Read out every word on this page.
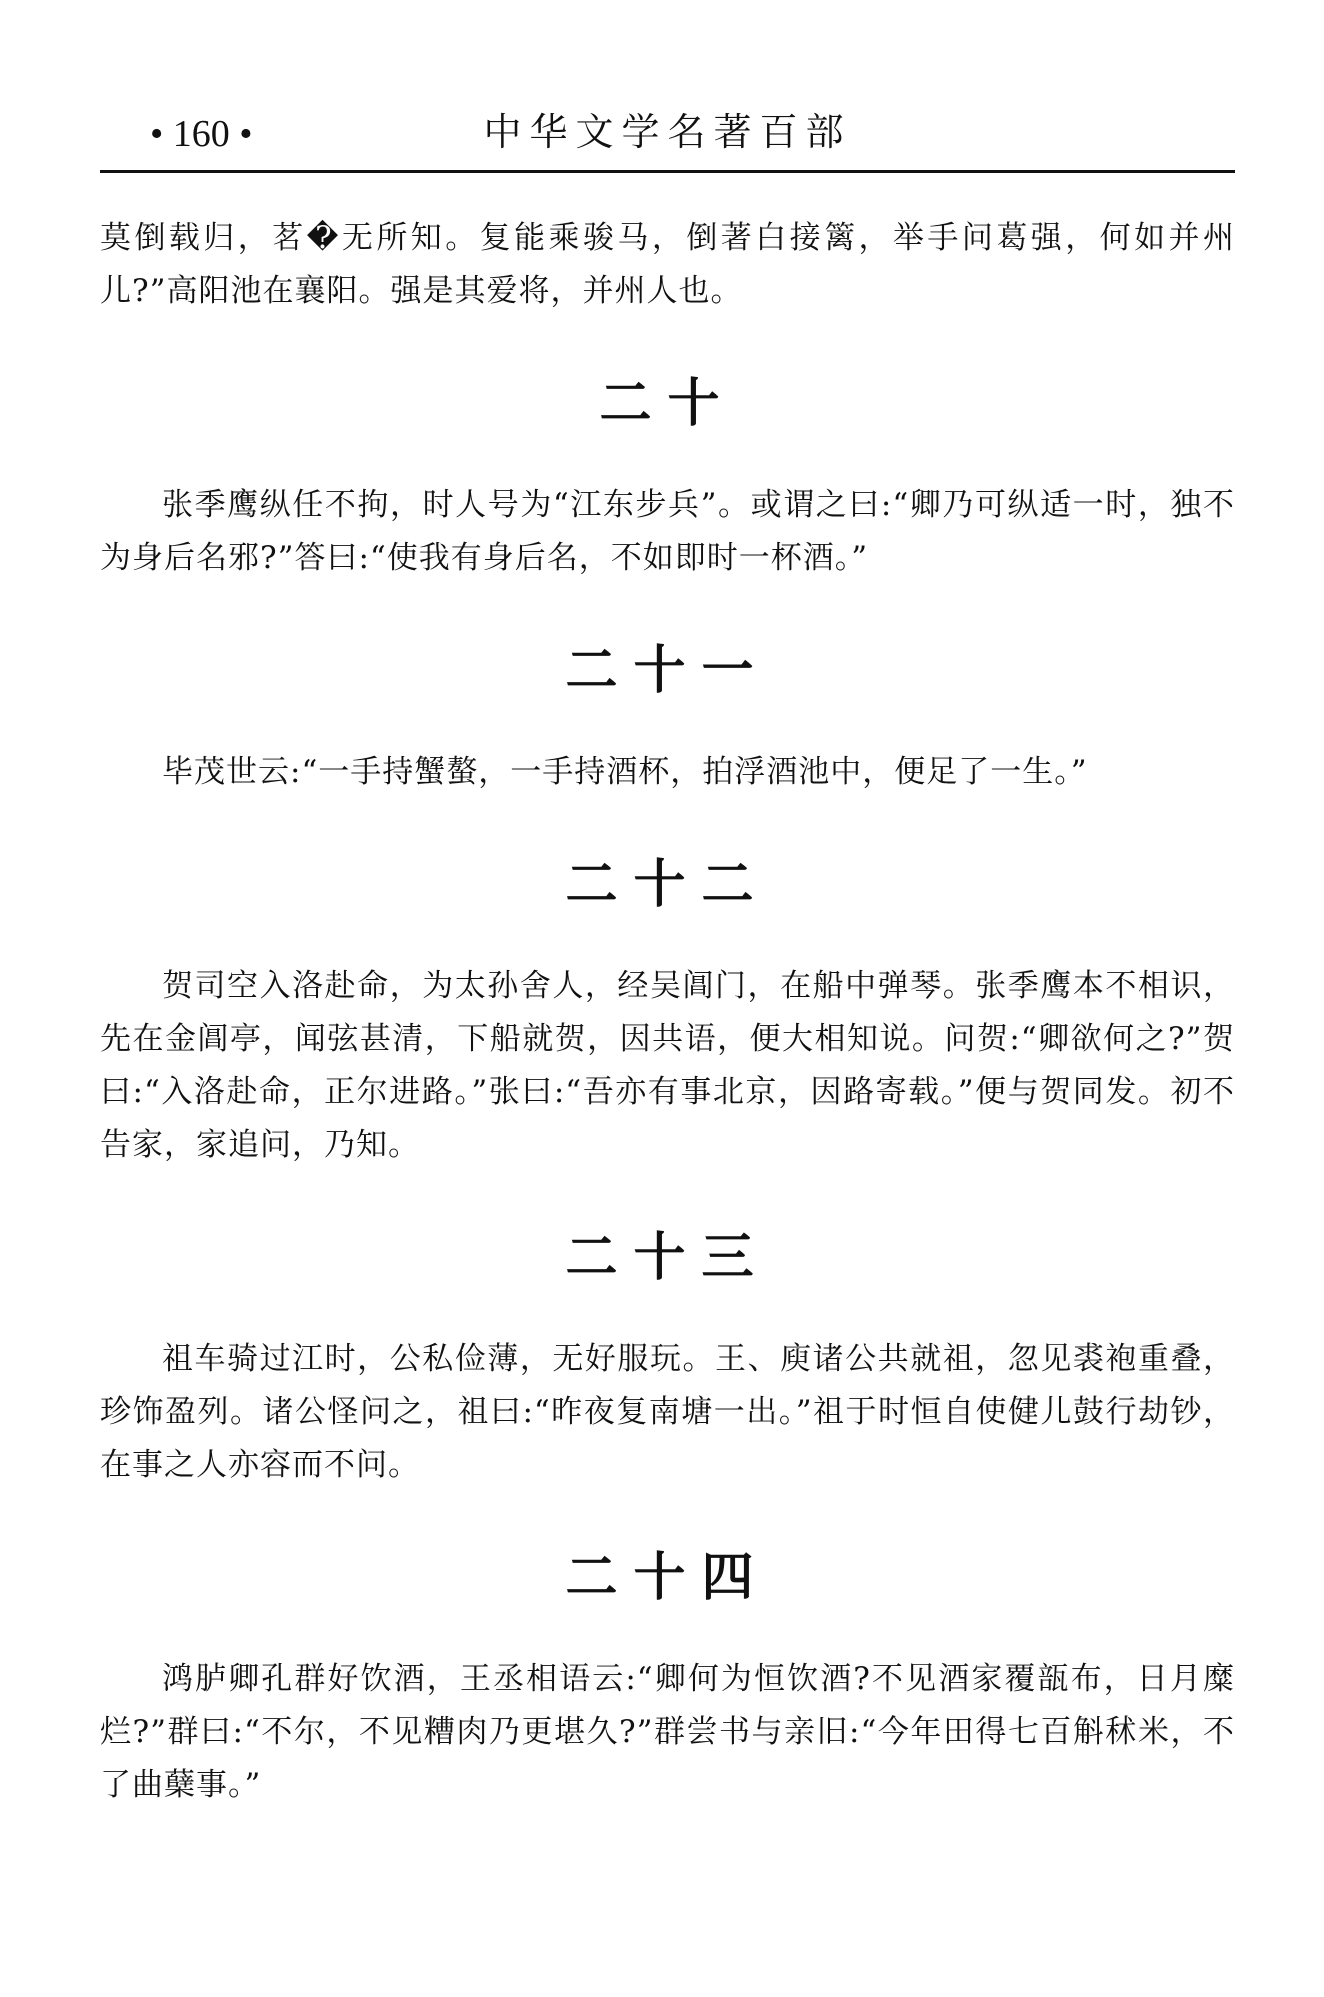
• 160 •	中华文学名著百部

莫倒载归，茗�无所知。复能乘骏马，倒著白接篱，举手问葛强，何如并州儿?”高阳池在襄阳。强是其爱将，并州人也。

二十

张季鹰纵任不拘，时人号为“江东步兵”。或谓之曰:“卿乃可纵适一时，独不为身后名邪?”答曰:“使我有身后名，不如即时一杯酒。”

二十一

毕茂世云:“一手持蟹螯，一手持酒杯，拍浮酒池中，便足了一生。”

二十二

贺司空入洛赴命，为太孙舍人，经吴阊门，在船中弹琴。张季鹰本不相识，先在金阊亭，闻弦甚清，下船就贺，因共语，便大相知说。问贺:“卿欲何之?”贺曰:“入洛赴命，正尔进路。”张曰:“吾亦有事北京，因路寄载。”便与贺同发。初不告家，家追问，乃知。

二十三

祖车骑过江时，公私俭薄，无好服玩。王、庾诸公共就祖，忽见裘袍重叠，珍饰盈列。诸公怪问之，祖曰:“昨夜复南塘一出。”祖于时恒自使健儿鼓行劫钞，在事之人亦容而不问。

二十四

鸿胪卿孔群好饮酒，王丞相语云:“卿何为恒饮酒?不见酒家覆瓿布，日月糜烂?”群曰:“不尔，不见糟肉乃更堪久?”群尝书与亲旧:“今年田得七百斛秫米，不了曲蘖事。”
